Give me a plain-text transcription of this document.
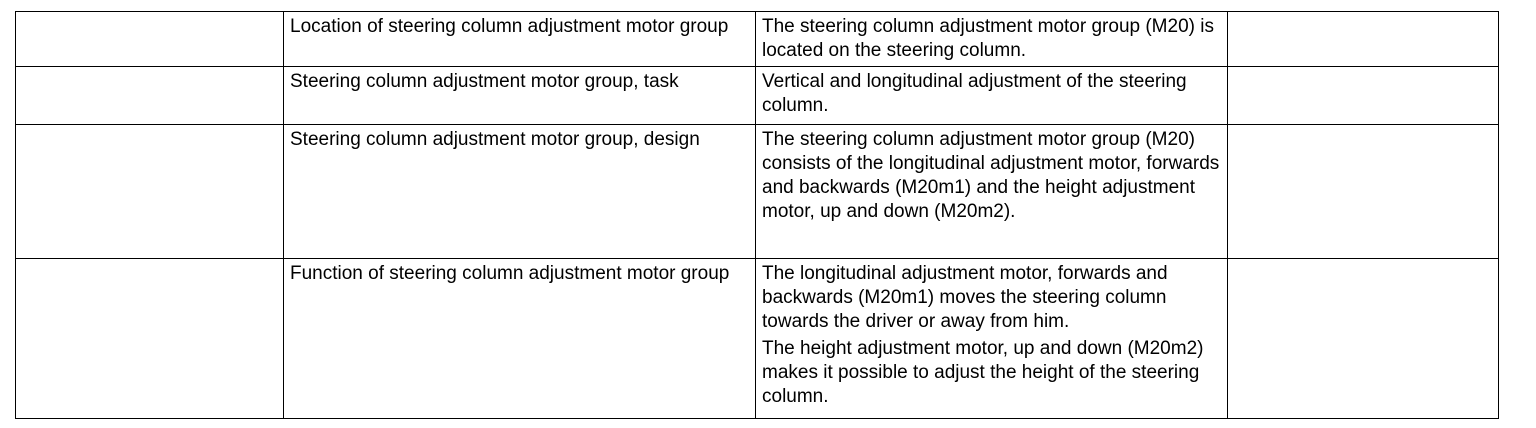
	Location of steering column adjustment motor group	The steering column adjustment motor group (M20) is located on the steering column.	

	Steering column adjustment motor group, task	Vertical and longitudinal adjustment of the steering column.	

	Steering column adjustment motor group, design	The steering column adjustment motor group (M20) consists of the longitudinal adjustment motor, forwards and backwards (M20m1) and the height adjustment motor, up and down (M20m2).	

	Function of steering column adjustment motor group	The longitudinal adjustment motor, forwards and backwards (M20m1) moves the steering column towards the driver or away from him.
The height adjustment motor, up and down (M20m2) makes it possible to adjust the height of the steering column.	
